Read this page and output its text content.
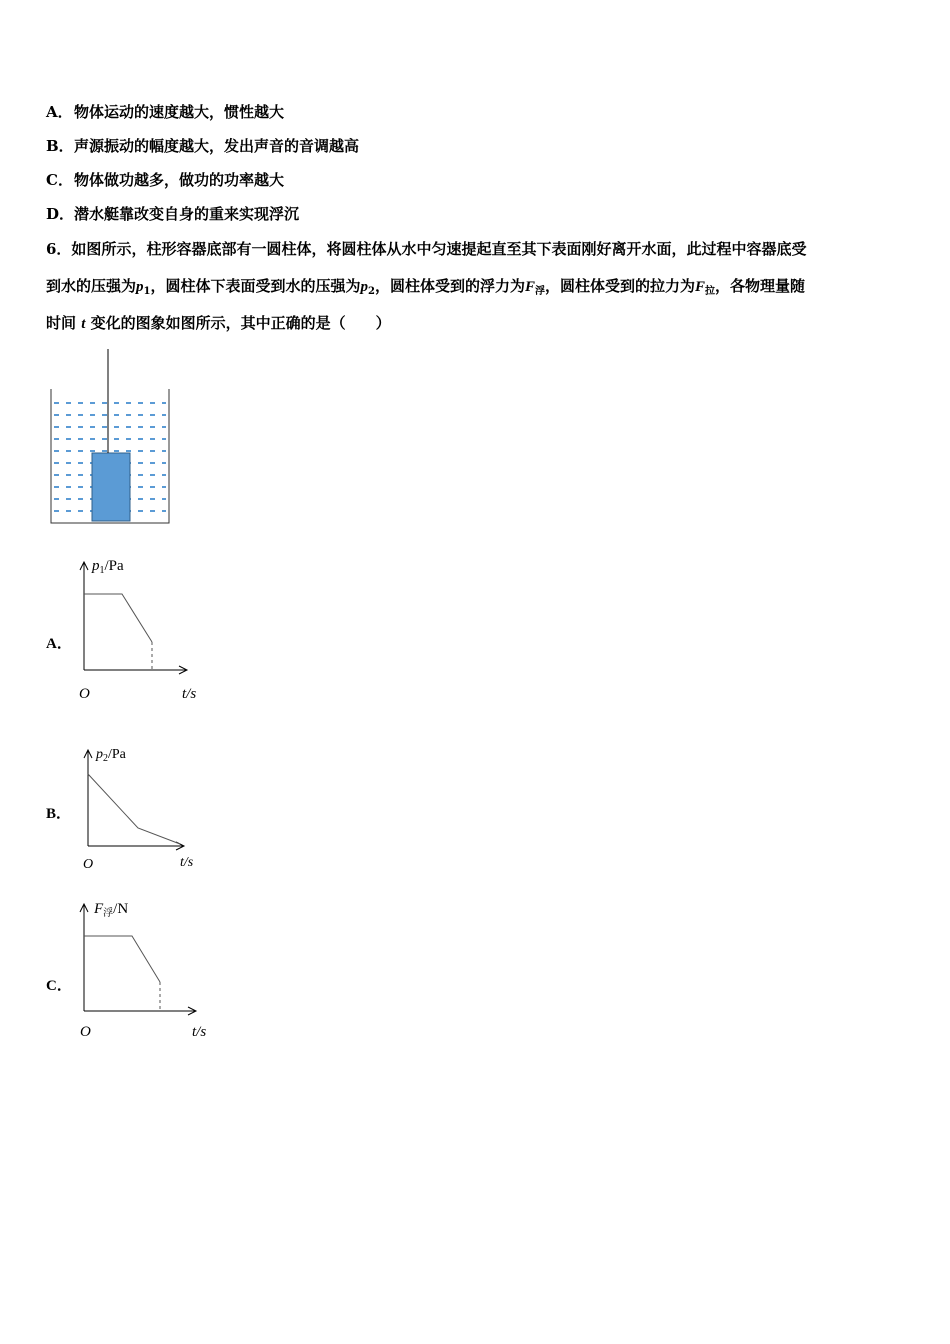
A．物体运动的速度越大，惯性越大
B．声源振动的幅度越大，发出声音的音调越高
C．物体做功越多，做功的功率越大
D．潜水艇靠改变自身的重来实现浮沉
6．如图所示，柱形容器底部有一圆柱体，将圆柱体从水中匀速提起直至其下表面刚好离开水面，此过程中容器底受
到水的压强为$p_1$，圆柱体下表面受到水的压强为$p_2$，圆柱体受到的浮力为$F_浮$，圆柱体受到的拉力为$F_拉$，各物理量随
时间 t 变化的图象如图所示，其中正确的是（　　）
A．
$p_1/Pa$
O	t/s
B．
$p_2/Pa$
O	t/s
C．
$F_浮/N$
O	t/s
